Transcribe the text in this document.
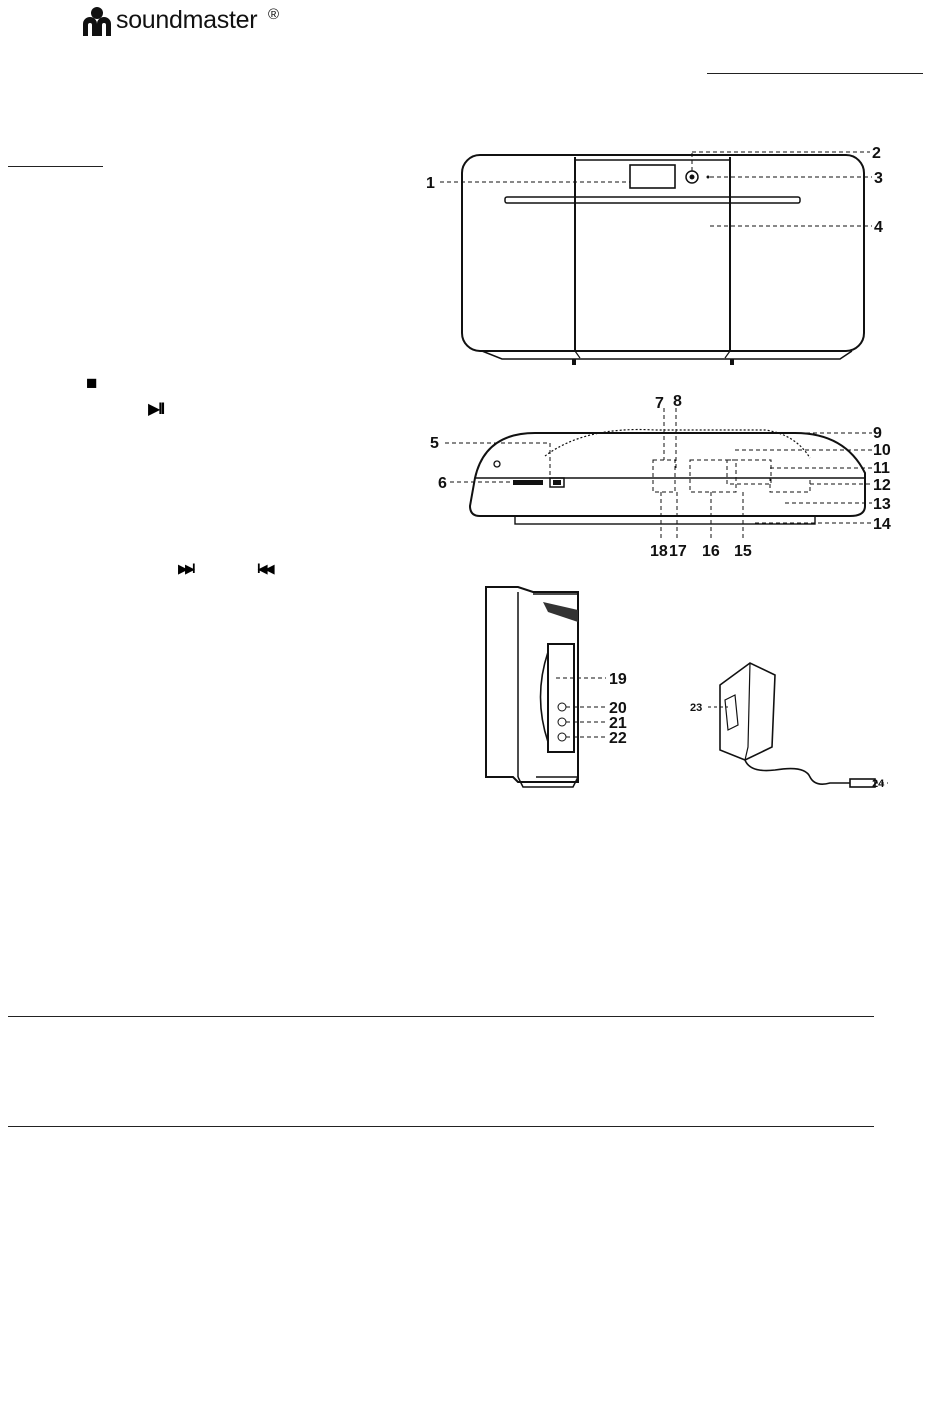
soundmaster ®
■
▶ll
▶▶l	l◀◀
1
2
3
4
5
6
7 8
9
10
11
12
13
14
15
16
17
18
19
20
21
22
23
24
